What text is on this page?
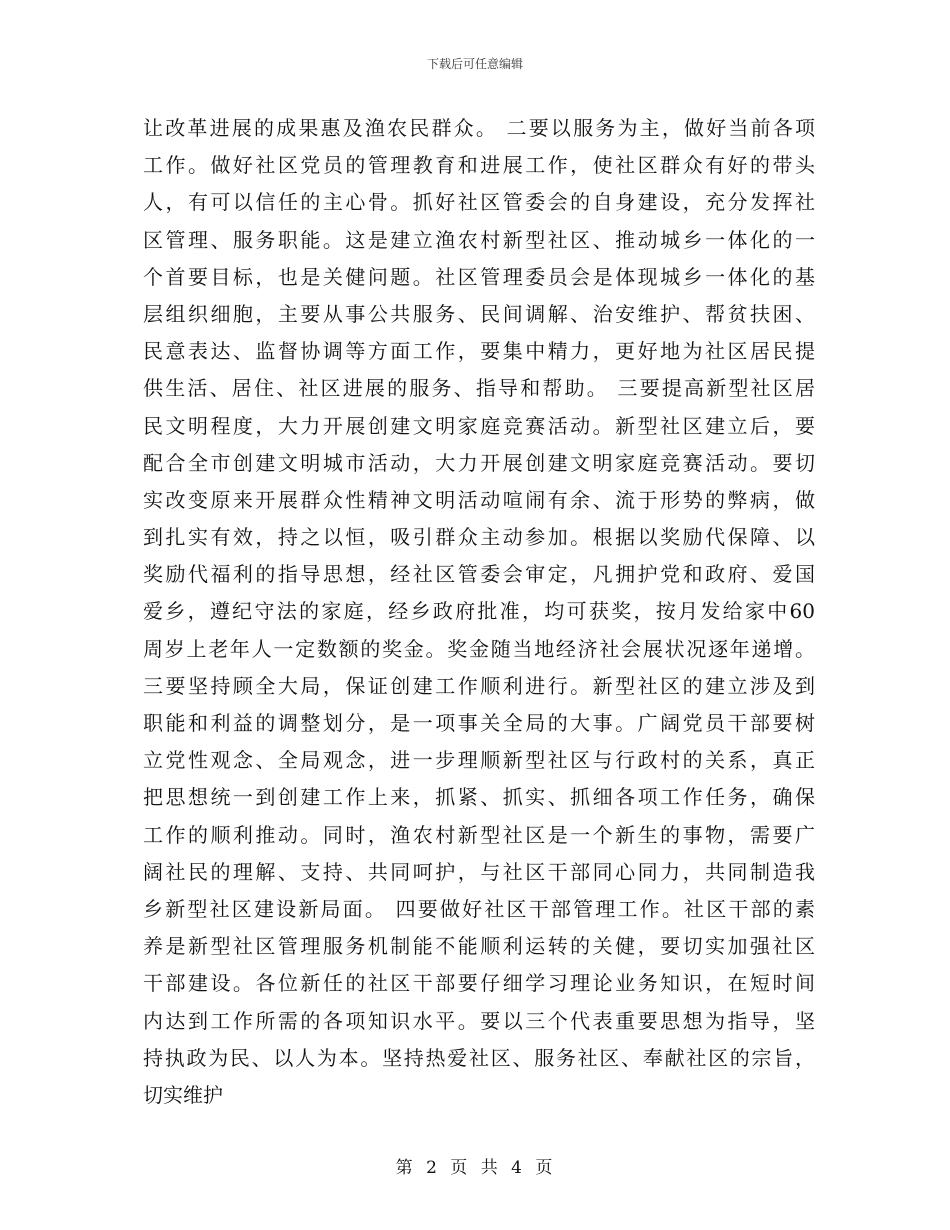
下载后可任意编辑
让改革进展的成果惠及渔农民群众。 二要以服务为主，做好当前各项
工作。做好社区党员的管理教育和进展工作，使社区群众有好的带头
人，有可以信任的主心骨。抓好社区管委会的自身建设，充分发挥社
区管理、服务职能。这是建立渔农村新型社区、推动城乡一体化的一
个首要目标，也是关健问题。社区管理委员会是体现城乡一体化的基
层组织细胞，主要从事公共服务、民间调解、治安维护、帮贫扶困、
民意表达、监督协调等方面工作，要集中精力，更好地为社区居民提
供生活、居住、社区进展的服务、指导和帮助。 三要提高新型社区居
民文明程度，大力开展创建文明家庭竞赛活动。新型社区建立后，要
配合全市创建文明城市活动，大力开展创建文明家庭竞赛活动。要切
实改变原来开展群众性精神文明活动喧闹有余、流于形势的弊病，做
到扎实有效，持之以恒，吸引群众主动参加。根据以奖励代保障、以
奖励代福利的指导思想，经社区管委会审定，凡拥护党和政府、爱国
爱乡，遵纪守法的家庭，经乡政府批准，均可获奖，按月发给家中60
周岁上老年人一定数额的奖金。奖金随当地经济社会展状况逐年递增。
三要坚持顾全大局，保证创建工作顺利进行。新型社区的建立涉及到
职能和利益的调整划分，是一项事关全局的大事。广阔党员干部要树
立党性观念、全局观念，进一步理顺新型社区与行政村的关系，真正
把思想统一到创建工作上来，抓紧、抓实、抓细各项工作任务，确保
工作的顺利推动。同时，渔农村新型社区是一个新生的事物，需要广
阔社民的理解、支持、共同呵护，与社区干部同心同力，共同制造我
乡新型社区建设新局面。 四要做好社区干部管理工作。社区干部的素
养是新型社区管理服务机制能不能顺利运转的关健，要切实加强社区
干部建设。各位新任的社区干部要仔细学习理论业务知识，在短时间
内达到工作所需的各项知识水平。要以三个代表重要思想为指导，坚
持执政为民、以人为本。坚持热爱社区、服务社区、奉献社区的宗旨，
切实维护
第 2 页 共 4 页
